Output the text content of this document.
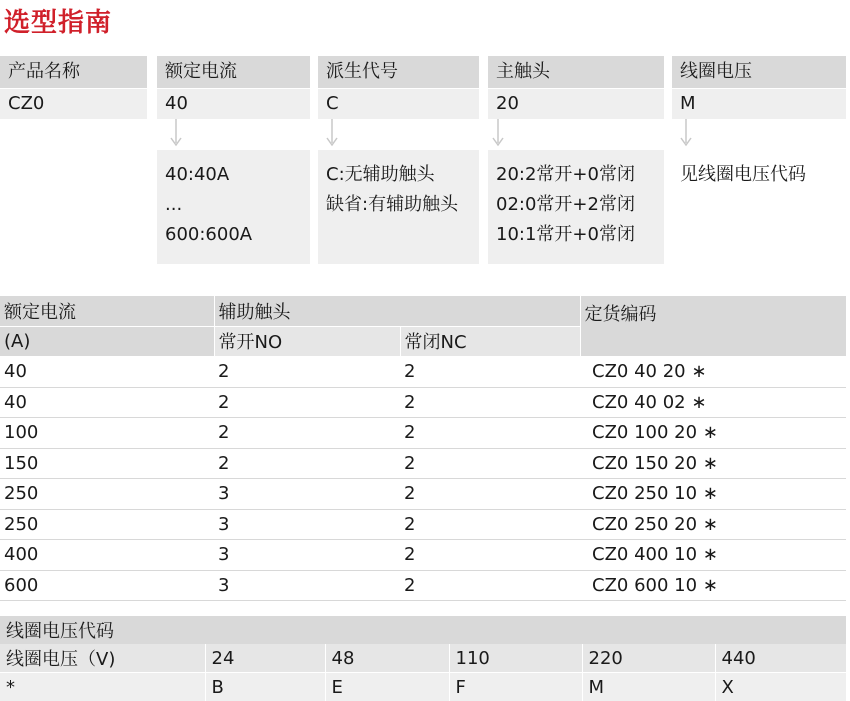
选型指南
产品名称	额定电流	派生代号	主触头	线圈电压
CZ0	40	C	20	M
40:40A
...
600:600A
C:无辅助触头
缺省:有辅助触头
20:2常开+0常闭
02:0常开+2常闭
10:1常开+0常闭
见线圈电压代码
额定电流	辅助触头		定货编码
(A)	常开NO	常闭NC	
40	2	2	CZ0 40 20 ∗
40	2	2	CZ0 40 02 ∗
100	2	2	CZ0 100 20 ∗
150	2	2	CZ0 150 20 ∗
250	3	2	CZ0 250 10 ∗
250	3	2	CZ0 250 20 ∗
400	3	2	CZ0 400 10 ∗
600	3	2	CZ0 600 10 ∗
线圈电压代码					
线圈电压（V)	24	48	110	220	440
*	B	E	F	M	X
